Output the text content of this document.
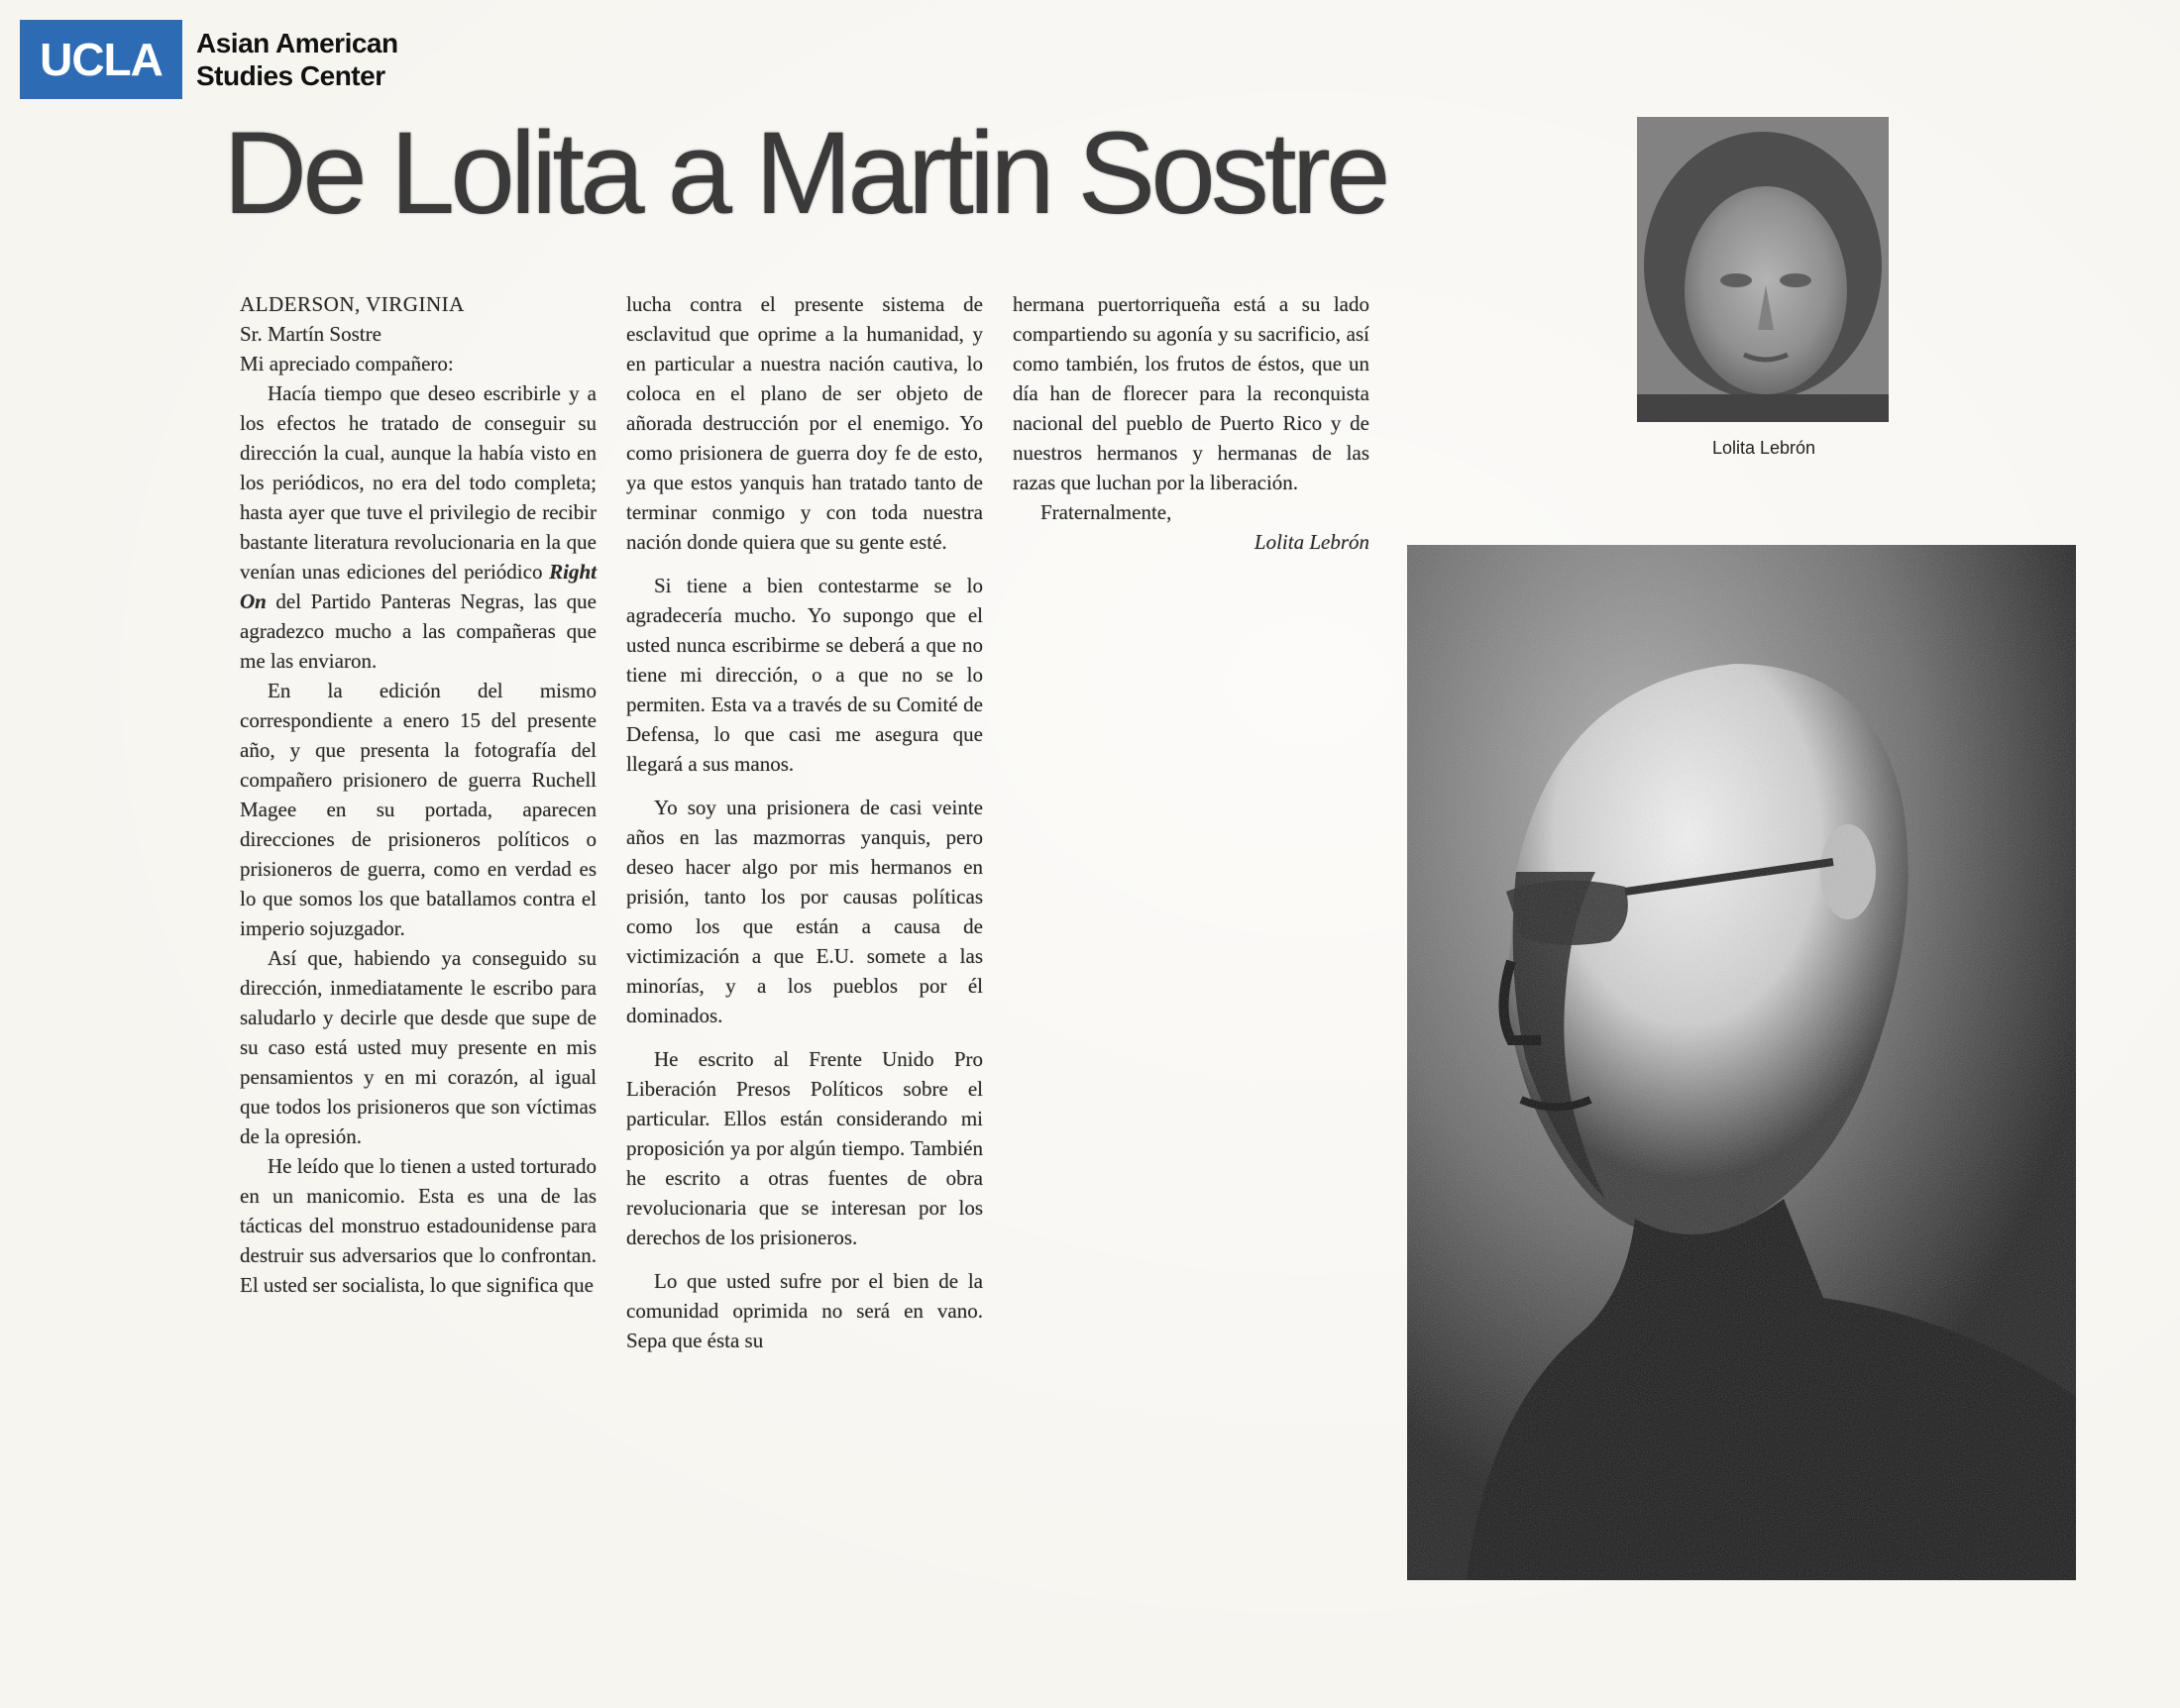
UCLA	Asian American
Studies Center
De Lolita a Martin Sostre

ALDERSON, VIRGINIA

Sr. Martín Sostre

Mi apreciado compañero:

Hacía tiempo que deseo escribirle y a los efectos he tratado de conseguir su dirección la cual, aunque la había visto en los periódicos, no era del todo completa; hasta ayer que tuve el privilegio de recibir bastante literatura revolucionaria en la que venían unas ediciones del periódico Right On del Partido Panteras Negras, las que agradezco mucho a las compañeras que me las enviaron.

En la edición del mismo correspondiente a enero 15 del presente año, y que presenta la fotografía del compañero prisionero de guerra Ruchell Magee en su portada, aparecen direcciones de prisioneros políticos o prisioneros de guerra, como en verdad es lo que somos los que batallamos contra el imperio sojuzgador.

Así que, habiendo ya conseguido su dirección, inmediatamente le escribo para saludarlo y decirle que desde que supe de su caso está usted muy presente en mis pensamientos y en mi corazón, al igual que todos los prisioneros que son víctimas de la opresión.

He leído que lo tienen a usted torturado en un manicomio. Esta es una de las tácticas del monstruo estadounidense para destruir sus adversarios que lo confrontan. El usted ser socialista, lo que significa que

lucha contra el presente sistema de esclavitud que oprime a la humanidad, y en particular a nuestra nación cautiva, lo coloca en el plano de ser objeto de añorada destrucción por el enemigo. Yo como prisionera de guerra doy fe de esto, ya que estos yanquis han tratado tanto de terminar conmigo y con toda nuestra nación donde quiera que su gente esté.

Si tiene a bien contestarme se lo agradecería mucho. Yo supongo que el usted nunca escribirme se deberá a que no tiene mi dirección, o a que no se lo permiten. Esta va a través de su Comité de Defensa, lo que casi me asegura que llegará a sus manos.

Yo soy una prisionera de casi veinte años en las mazmorras yanquis, pero deseo hacer algo por mis hermanos en prisión, tanto los por causas políticas como los que están a causa de victimización a que E.U. somete a las minorías, y a los pueblos por él dominados.

He escrito al Frente Unido Pro Liberación Presos Políticos sobre el particular. Ellos están considerando mi proposición ya por algún tiempo. También he escrito a otras fuentes de obra revolucionaria que se interesan por los derechos de los prisioneros.

Lo que usted sufre por el bien de la comunidad oprimida no será en vano. Sepa que ésta su

hermana puertorriqueña está a su lado compartiendo su agonía y su sacrificio, así como también, los frutos de éstos, que un día han de florecer para la reconquista nacional del pueblo de Puerto Rico y de nuestros hermanos y hermanas de las razas que luchan por la liberación.

Fraternalmente,

Lolita Lebrón

Lolita Lebrón
